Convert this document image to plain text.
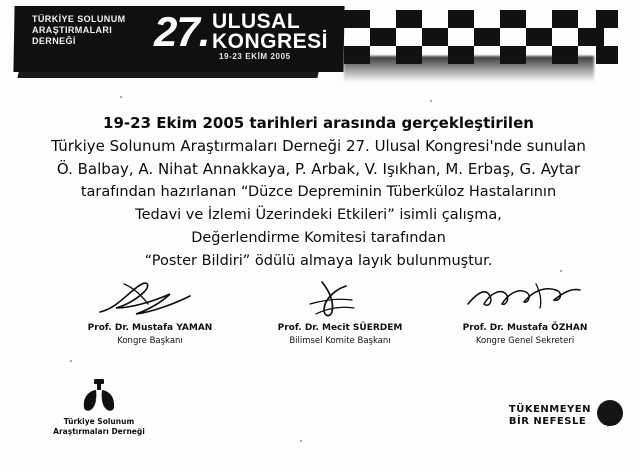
TÜRKİYE SOLUNUM
ARAŞTIRMALARI
DERNEĞİ	27. ULUSAL
KONGRESİ
19-23 EKİM 2005
19-23 Ekim 2005 tarihleri arasında gerçekleştirilen
Türkiye Solunum Araştırmaları Derneği 27. Ulusal Kongresi'nde sunulan
Ö. Balbay, A. Nihat Annakkaya, P. Arbak, V. Işıkhan, M. Erbaş, G. Aytar
tarafından hazırlanan “Düzce Depreminin Tüberküloz Hastalarının
Tedavi ve İzlemi Üzerindeki Etkileri” isimli çalışma,
Değerlendirme Komitesi tarafından
“Poster Bildiri” ödülü almaya layık bulunmuştur.
Prof. Dr. Mustafa YAMAN
Kongre Başkanı
Prof. Dr. Mecit SÜERDEM
Bilimsel Komite Başkanı
Prof. Dr. Mustafa ÖZHAN
Kongre Genel Sekreteri
S
Türkiye Solunum
Araştırmaları Derneği
TÜKENMEYEN
BİR NEFESLE	içel
